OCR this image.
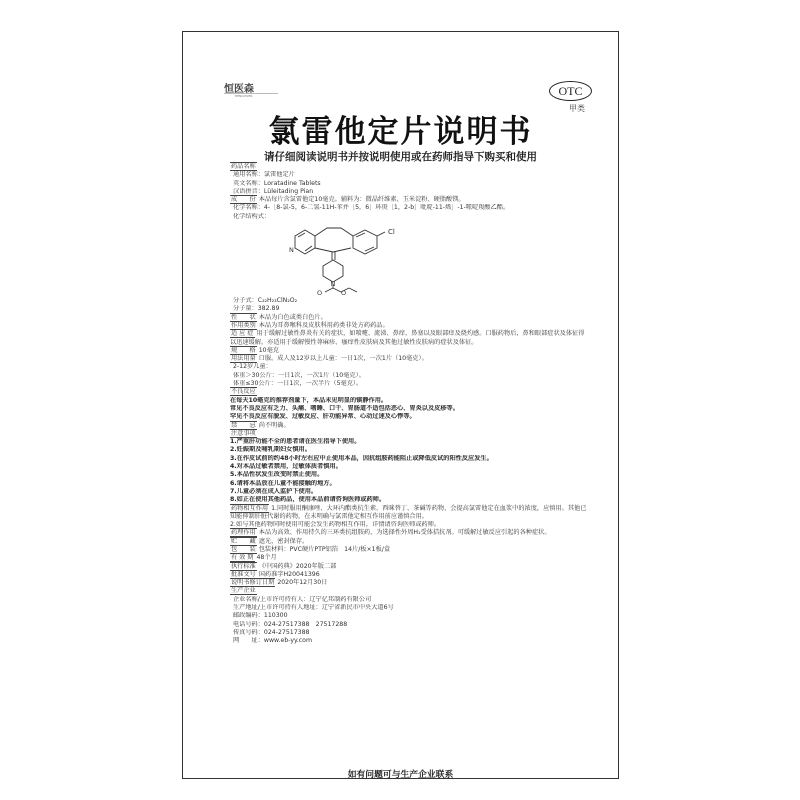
恒医森
HENGYISEN	OTC
甲类
氯雷他定片说明书
请仔细阅读说明书并按说明使用或在药师指导下购买和使用
药品名称
通用名称：氯雷他定片
英文名称：Loratadine Tablets
汉语拼音：Lüleitading Pian
成　　份 本品每片含氯雷他定10毫克。辅料为：微晶纤维素、玉米淀粉、硬脂酸镁。
化学名称：4-［8-氯-5，6-二氢-11H-苯并［5，6］环庚［1，2-b］吡啶-11-烯］-1-哌啶羧酸乙酯。
化学结构式：
Cl
N
N
O	O
分子式：C₂₂H₂₃ClN₂O₂
分子量：382.89
性　　状 本品为白色或类白色片。
作用类别 本品为耳鼻喉科及皮肤科用药类非处方药药品。
适 应 症 用于缓解过敏性鼻炎有关的症状，如喷嚏、流涕、鼻痒、鼻塞以及眼部痒及烧灼感。口服药物后，鼻和眼部症状及体征得以迅速缓解。亦适用于缓解慢性荨麻疹、瘙痒性皮肤病及其他过敏性皮肤病的症状及体征。
规　　格 10毫克
用法用量 口服。成人及12岁以上儿童：一日1次，一次1片（10毫克）。
2-12岁儿童：
体重＞30公斤：一日1次，一次1片（10毫克）。
体重≤30公斤：一日1次，一次半片（5毫克）。
不良反应
在每天10毫克的推荐剂量下，本品未见明显的镇静作用。
常见不良反应有乏力、头痛、嗜睡、口干、胃肠道不适包括恶心、胃炎以及皮疹等。
罕见不良反应有脱发、过敏反应、肝功能异常、心动过速及心悸等。
禁　　忌 尚不明确。
注意事项
1.严重肝功能不全的患者请在医生指导下使用。
2.妊娠期及哺乳期妇女慎用。
3.在作皮试前的约48小时左右应中止使用本品，因抗组胺药能阻止或降低皮试的阳性反应发生。
4.对本品过敏者禁用，过敏体质者慎用。
5.本品性状发生改变时禁止使用。
6.请将本品放在儿童不能接触的地方。
7.儿童必须在成人监护下使用。
8.如正在使用其他药品，使用本品前请咨询医师或药师。
药物相互作用 1.同时服用酮康唑、大环内酯类抗生素、西咪替丁、茶碱等药物，会提高氯雷他定在血浆中的浓度，应慎用。其他已知能抑制肝脏代谢的药物，在未明确与氯雷他定相互作用前应谨慎合用。
2.如与其他药物同时使用可能会发生药物相互作用，详情请咨询医师或药师。
药理作用 本品为高效、作用持久的三环类抗组胺药，为选择性外周H₁受体拮抗剂。可缓解过敏反应引起的各种症状。
贮　　藏 遮光，密封保存。
包　　装 包装材料：PVC硬片PTP铝箔　14片/板×1板/盒
有 效 期 48个月
执行标准 《中国药典》2020年版二部
批准文号 国药准字H20041396
说明书修订日期 2020年12月30日
生产企业
企业名称/上市许可持有人：辽宁亿邦制药有限公司
生产地址/上市许可持有人地址：辽宁省新民市中央大道6号
邮政编码：110300
电话号码：024-27517388　27517288
传真号码：024-27517388
网　　址：www.eb-yy.com
如有问题可与生产企业联系
